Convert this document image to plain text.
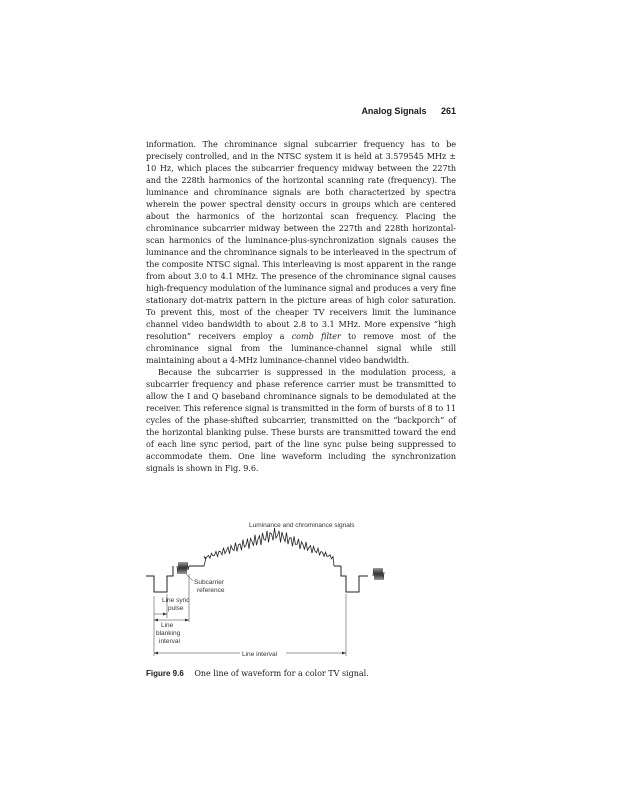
Analog Signals 261

information. The chrominance signal subcarrier frequency has to be precisely controlled, and in the NTSC system it is held at 3.579545 MHz ± 10 Hz, which places the subcarrier frequency midway between the 227th and the 228th harmonics of the horizontal scanning rate (frequency). The luminance and chrominance signals are both characterized by spectra wherein the power spectral density occurs in groups which are centered about the harmonics of the horizontal scan frequency. Placing the chrominance subcarrier midway between the 227th and 228th horizontal-scan harmonics of the luminance-plus-synchronization signals causes the luminance and the chrominance signals to be interleaved in the spectrum of the composite NTSC signal. This interleaving is most apparent in the range from about 3.0 to 4.1 MHz. The presence of the chrominance signal causes high-frequency modulation of the luminance signal and produces a very fine stationary dot-matrix pattern in the picture areas of high color saturation. To prevent this, most of the cheaper TV receivers limit the luminance channel video bandwidth to about 2.8 to 3.1 MHz. More expensive “high resolution” receivers employ a comb filter to remove most of the chrominance signal from the luminance-channel signal while still maintaining about a 4-MHz luminance-channel video bandwidth.

Because the subcarrier is suppressed in the modulation process, a subcarrier frequency and phase reference carrier must be transmitted to allow the I and Q baseband chrominance signals to be demodulated at the receiver. This reference signal is transmitted in the form of bursts of 8 to 11 cycles of the phase-shifted subcarrier, transmitted on the “backporch” of the horizontal blanking pulse. These bursts are transmitted toward the end of each line sync period, part of the line sync pulse being suppressed to accommodate them. One line waveform including the synchronization signals is shown in Fig. 9.6.

Luminance and chrominance signals
Subcarrier
reference
Line sync
pulse
Line
blanking
interval
Line interval
Figure 9.6 One line of waveform for a color TV signal.
